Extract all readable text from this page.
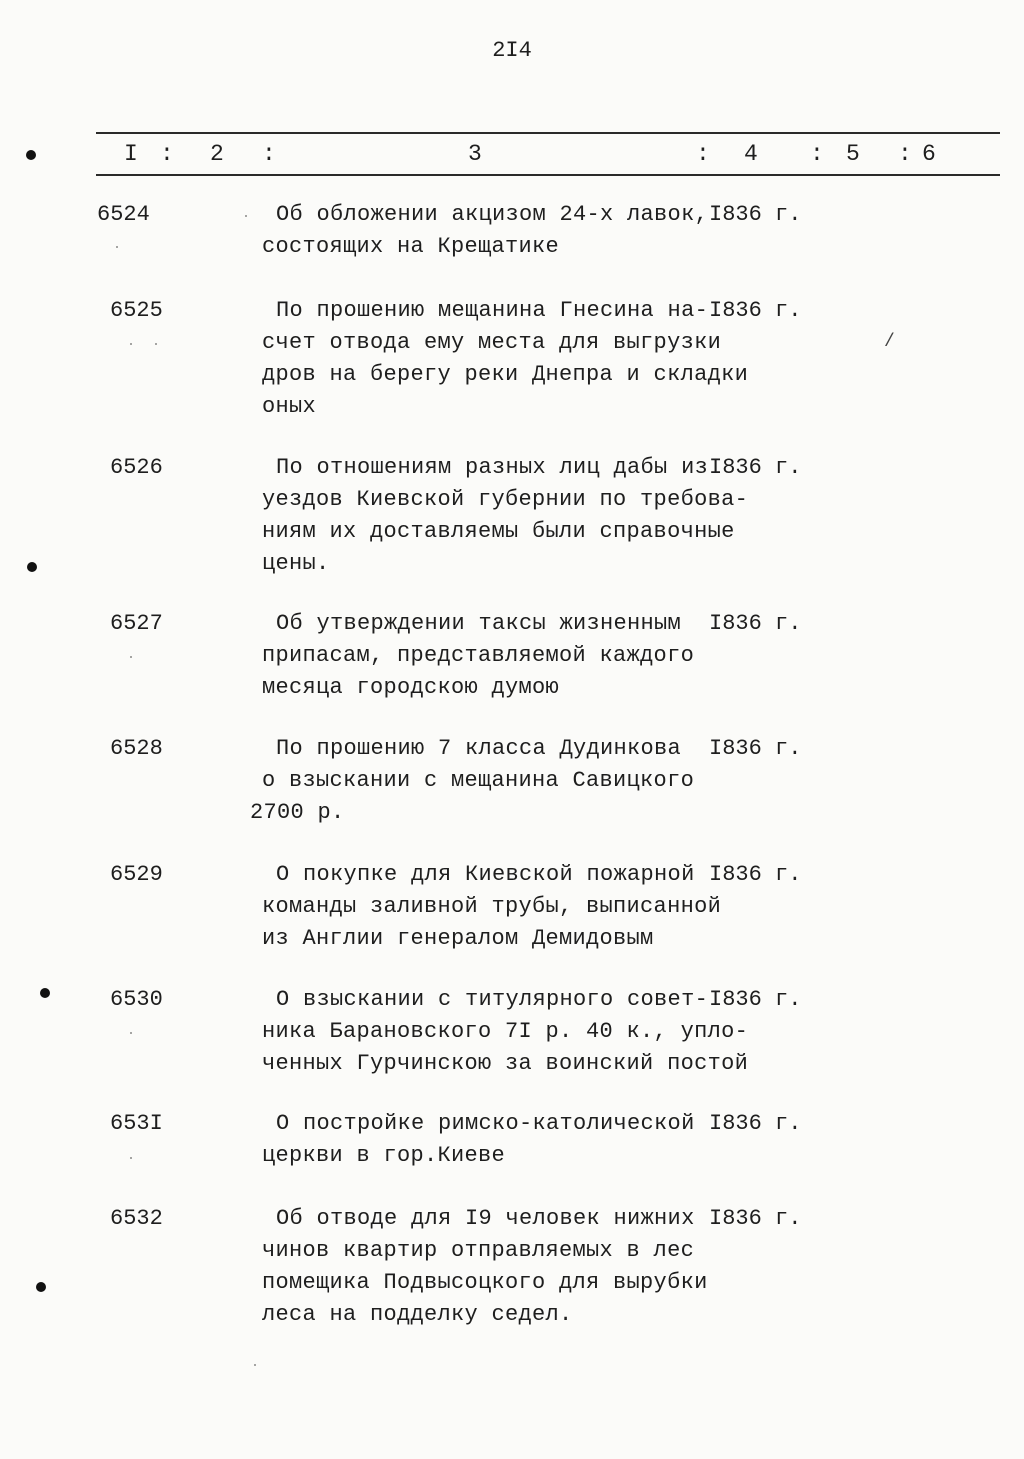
2I4
I : 2 :	3	: 4 : 5 : 6
6524	Об обложении акцизом 24-х лавок,
состоящих на Крещатике
I836 г.
6525	По прошению мещанина Гнесина на-
счет отвода ему места для выгрузки
дров на берегу реки Днепра и складки
оных
I836 г.
6526	По отношениям разных лиц дабы из
уездов Киевской губернии по требова-
ниям их доставляемы были справочные
цены.
I836 г.
6527	Об утверждении таксы жизненным
припасам, представляемой каждого
месяца городскою думою
I836 г.
6528	По прошению 7 класса Дудинкова
о взыскании с мещанина Савицкого
2700 р.
I836 г.
6529	О покупке для Киевской пожарной
команды заливной трубы, выписанной
из Англии генералом Демидовым
I836 г.
6530	О взыскании с титулярного совет-
ника Барановского 7I р. 40 к., упло-
ченных Гурчинскою за воинский постой
I836 г.
653I	О постройке римско-католической
церкви в гор.Киеве
I836 г.
6532	Об отводе для I9 человек нижних
чинов квартир отправляемых в лес
помещика Подвысоцкого для вырубки
леса на подделку седел.
I836 г.
/
